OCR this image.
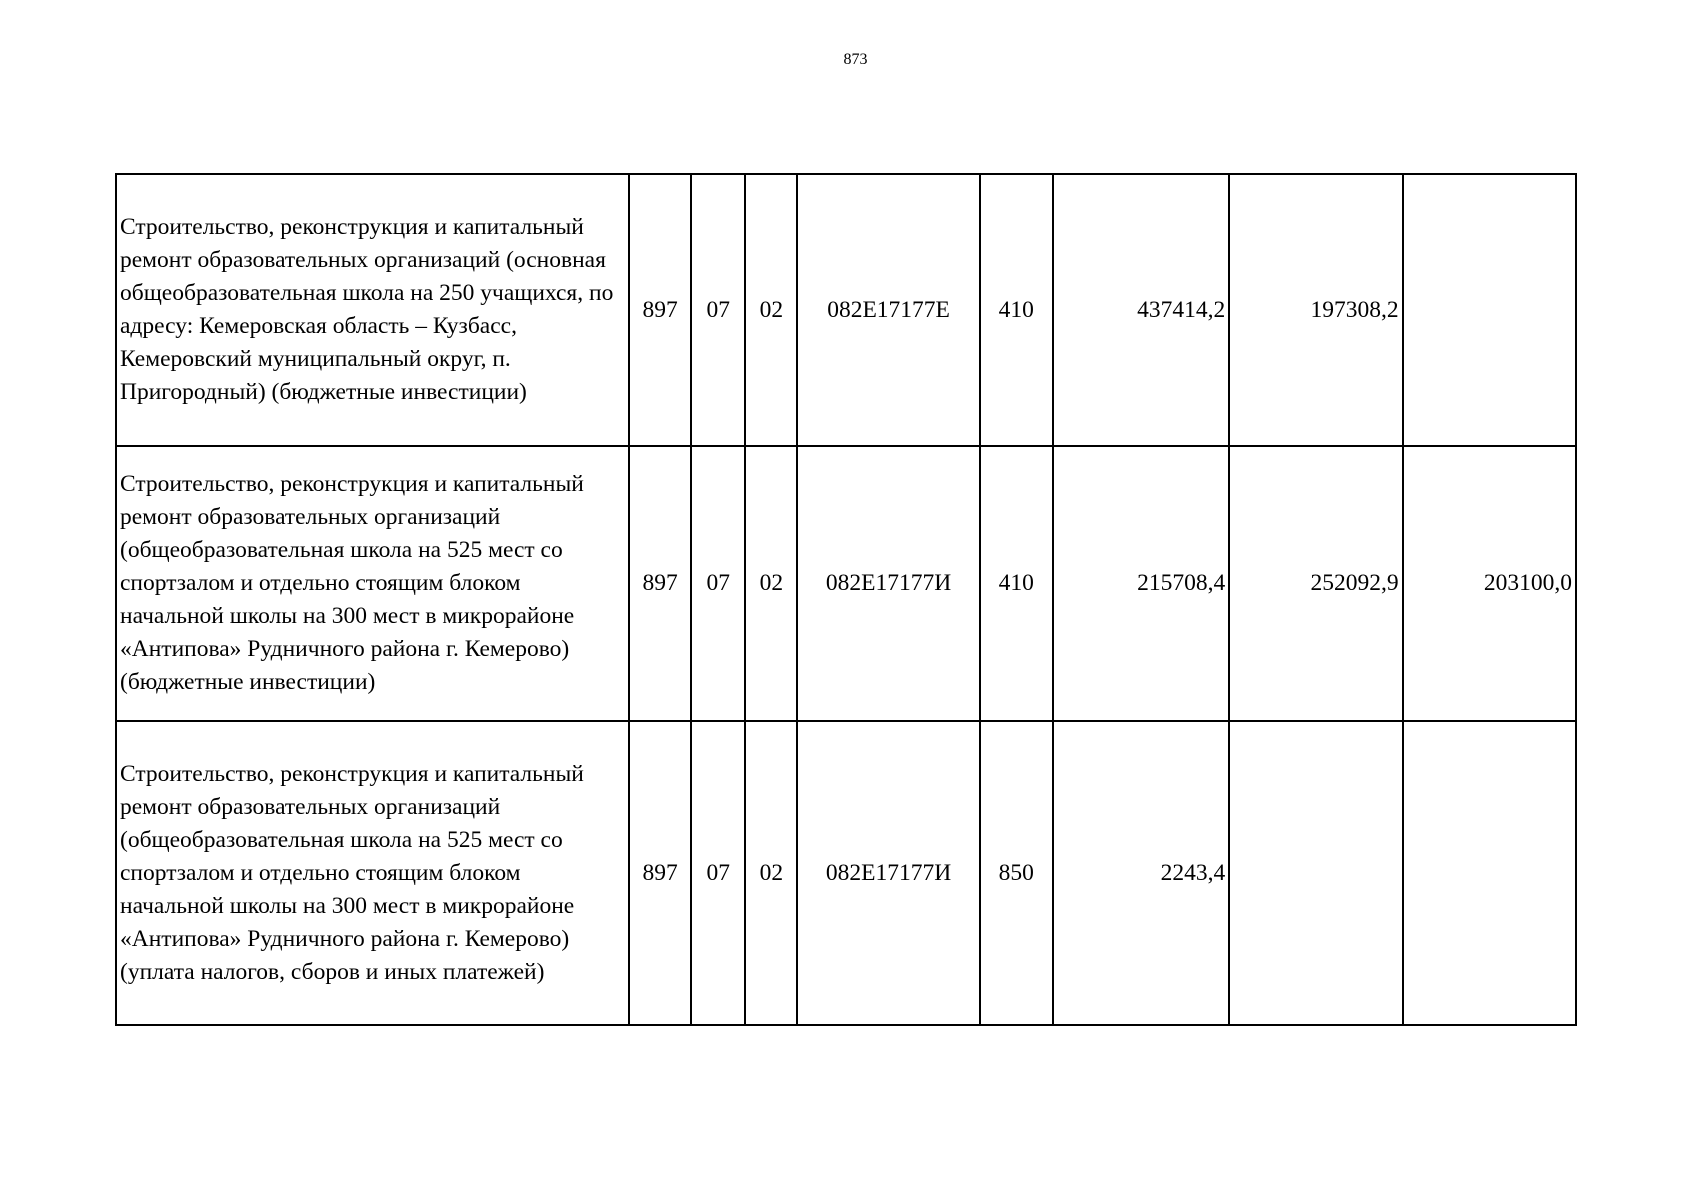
873
Строительство, реконструкция и капитальный ремонт образовательных организаций (основная общеобразовательная школа на 250 учащихся, по адресу: Кемеровская область – Кузбасс, Кемеровский муниципальный округ, п. Пригородный) (бюджетные инвестиции)	897	07	02	082E17177Е	410	437414,2	197308,2	

Строительство, реконструкция и капитальный ремонт образовательных организаций (общеобразовательная школа на 525 мест со спортзалом и отдельно стоящим блоком начальной школы на 300 мест в микрорайоне «Антипова» Рудничного района г. Кемерово) (бюджетные инвестиции)	897	07	02	082E17177И	410	215708,4	252092,9	203100,0

Строительство, реконструкция и капитальный ремонт образовательных организаций (общеобразовательная школа на 525 мест со спортзалом и отдельно стоящим блоком начальной школы на 300 мест в микрорайоне «Антипова» Рудничного района г. Кемерово) (уплата налогов, сборов и иных платежей)	897	07	02	082E17177И	850	2243,4		
